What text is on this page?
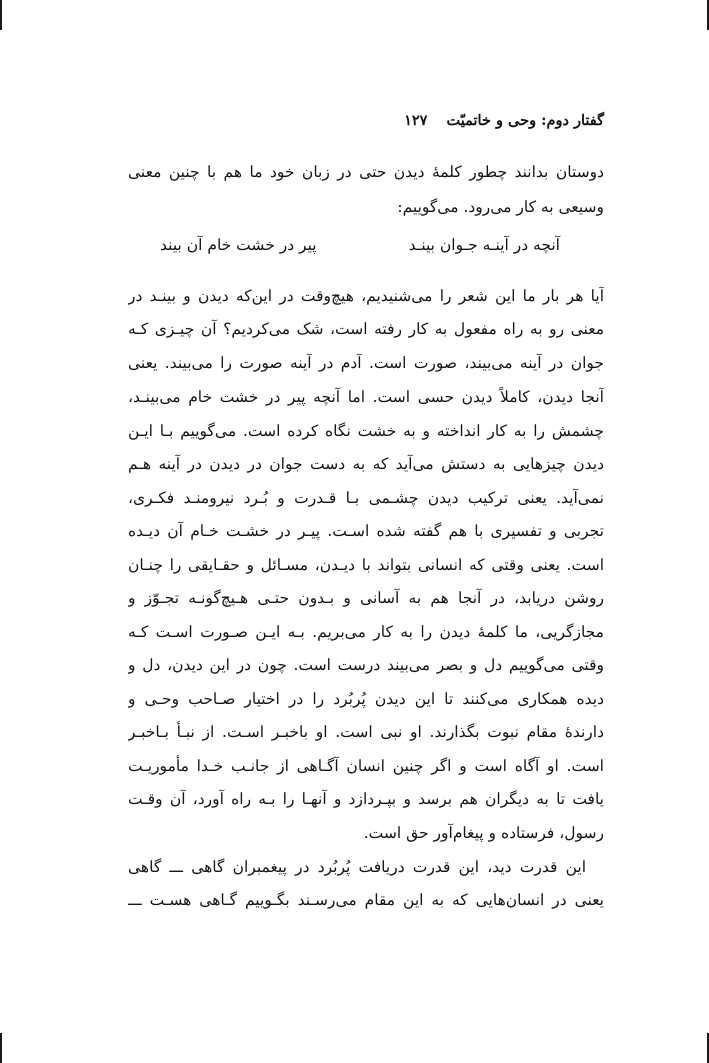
گفتار دوم: وحی و خاتمیّت ۱۲۷
دوستان بدانند چطور کلمۀ دیدن حتی در زبان خود ما هم با چنین معنی
وسیعی به کار می‌رود. می‌گوییم:
آنچه در آینـه جـوان بینـد
پیر در خشت خام آن بیند
آیا هر بار ما این شعر را می‌شنیدیم، هیچ‌وقت در این‌که دیدن و بینـد در
معنی رو به راه مفعول به کار رفته است، شک می‌کردیم؟ آن چیـزی کـه
جوان در آینه می‌بیند، صورت است. آدم در آینه صورت را می‌بیند. یعنی
آنجا دیدن، کاملاً دیدن حسی است. اما آنچه پیر در خشت خام می‌بینـد،
چشمش را به کار انداخته و به خشت نگاه کرده است. می‌گوییم بـا ایـن
دیدن چیزهایی به دستش می‌آید که به دست جوان در دیدن در آینه هـم
نمی‌آید. یعنی ترکیب دیدن چشـمی بـا قـدرت و بُـرد نیرومنـد فکـری،
تجربی و تفسیری با هم گفته شده اسـت. پیـر در خشـت خـام آن دیـده
است. یعنی وقتی که انسانی بتواند با دیـدن، مسـائل و حقـایقی را چنـان
روشن دریابد، در آنجا هم به آسانی و بـدون حتـی هـیچ‌گونـه تجـوّز و
مجازگریی، ما کلمۀ دیدن را به کار می‌بریم. بـه ایـن صـورت اسـت کـه
وقتی می‌گوییم دل و بصر می‌بیند درست است. چون در این دیدن، دل و
دیده همکاری می‌کنند تا این دیدن پُربُرد را در اختیار صـاحب وحـی و
دارندۀ مقام نبوت بگذارند. او نبی است. او باخبـر اسـت. از نبـأ بـاخبـر
است. او آگاه است و اگر چنین انسان آگـاهی از جانـب خـدا مأموریـت
یافت تا به دیگران هم برسد و بپـردازد و آنهـا را بـه راه آورد، آن وقـت
رسول، فرستاده و پیغام‌آور حق است.
این قدرت دید، این قدرت دریافت پُربُرد در پیغمبران گاهی ـــ گاهی
یعنی در انسان‌هایی که به این مقام می‌رسـند بگـوییم گـاهی هسـت ـــ
